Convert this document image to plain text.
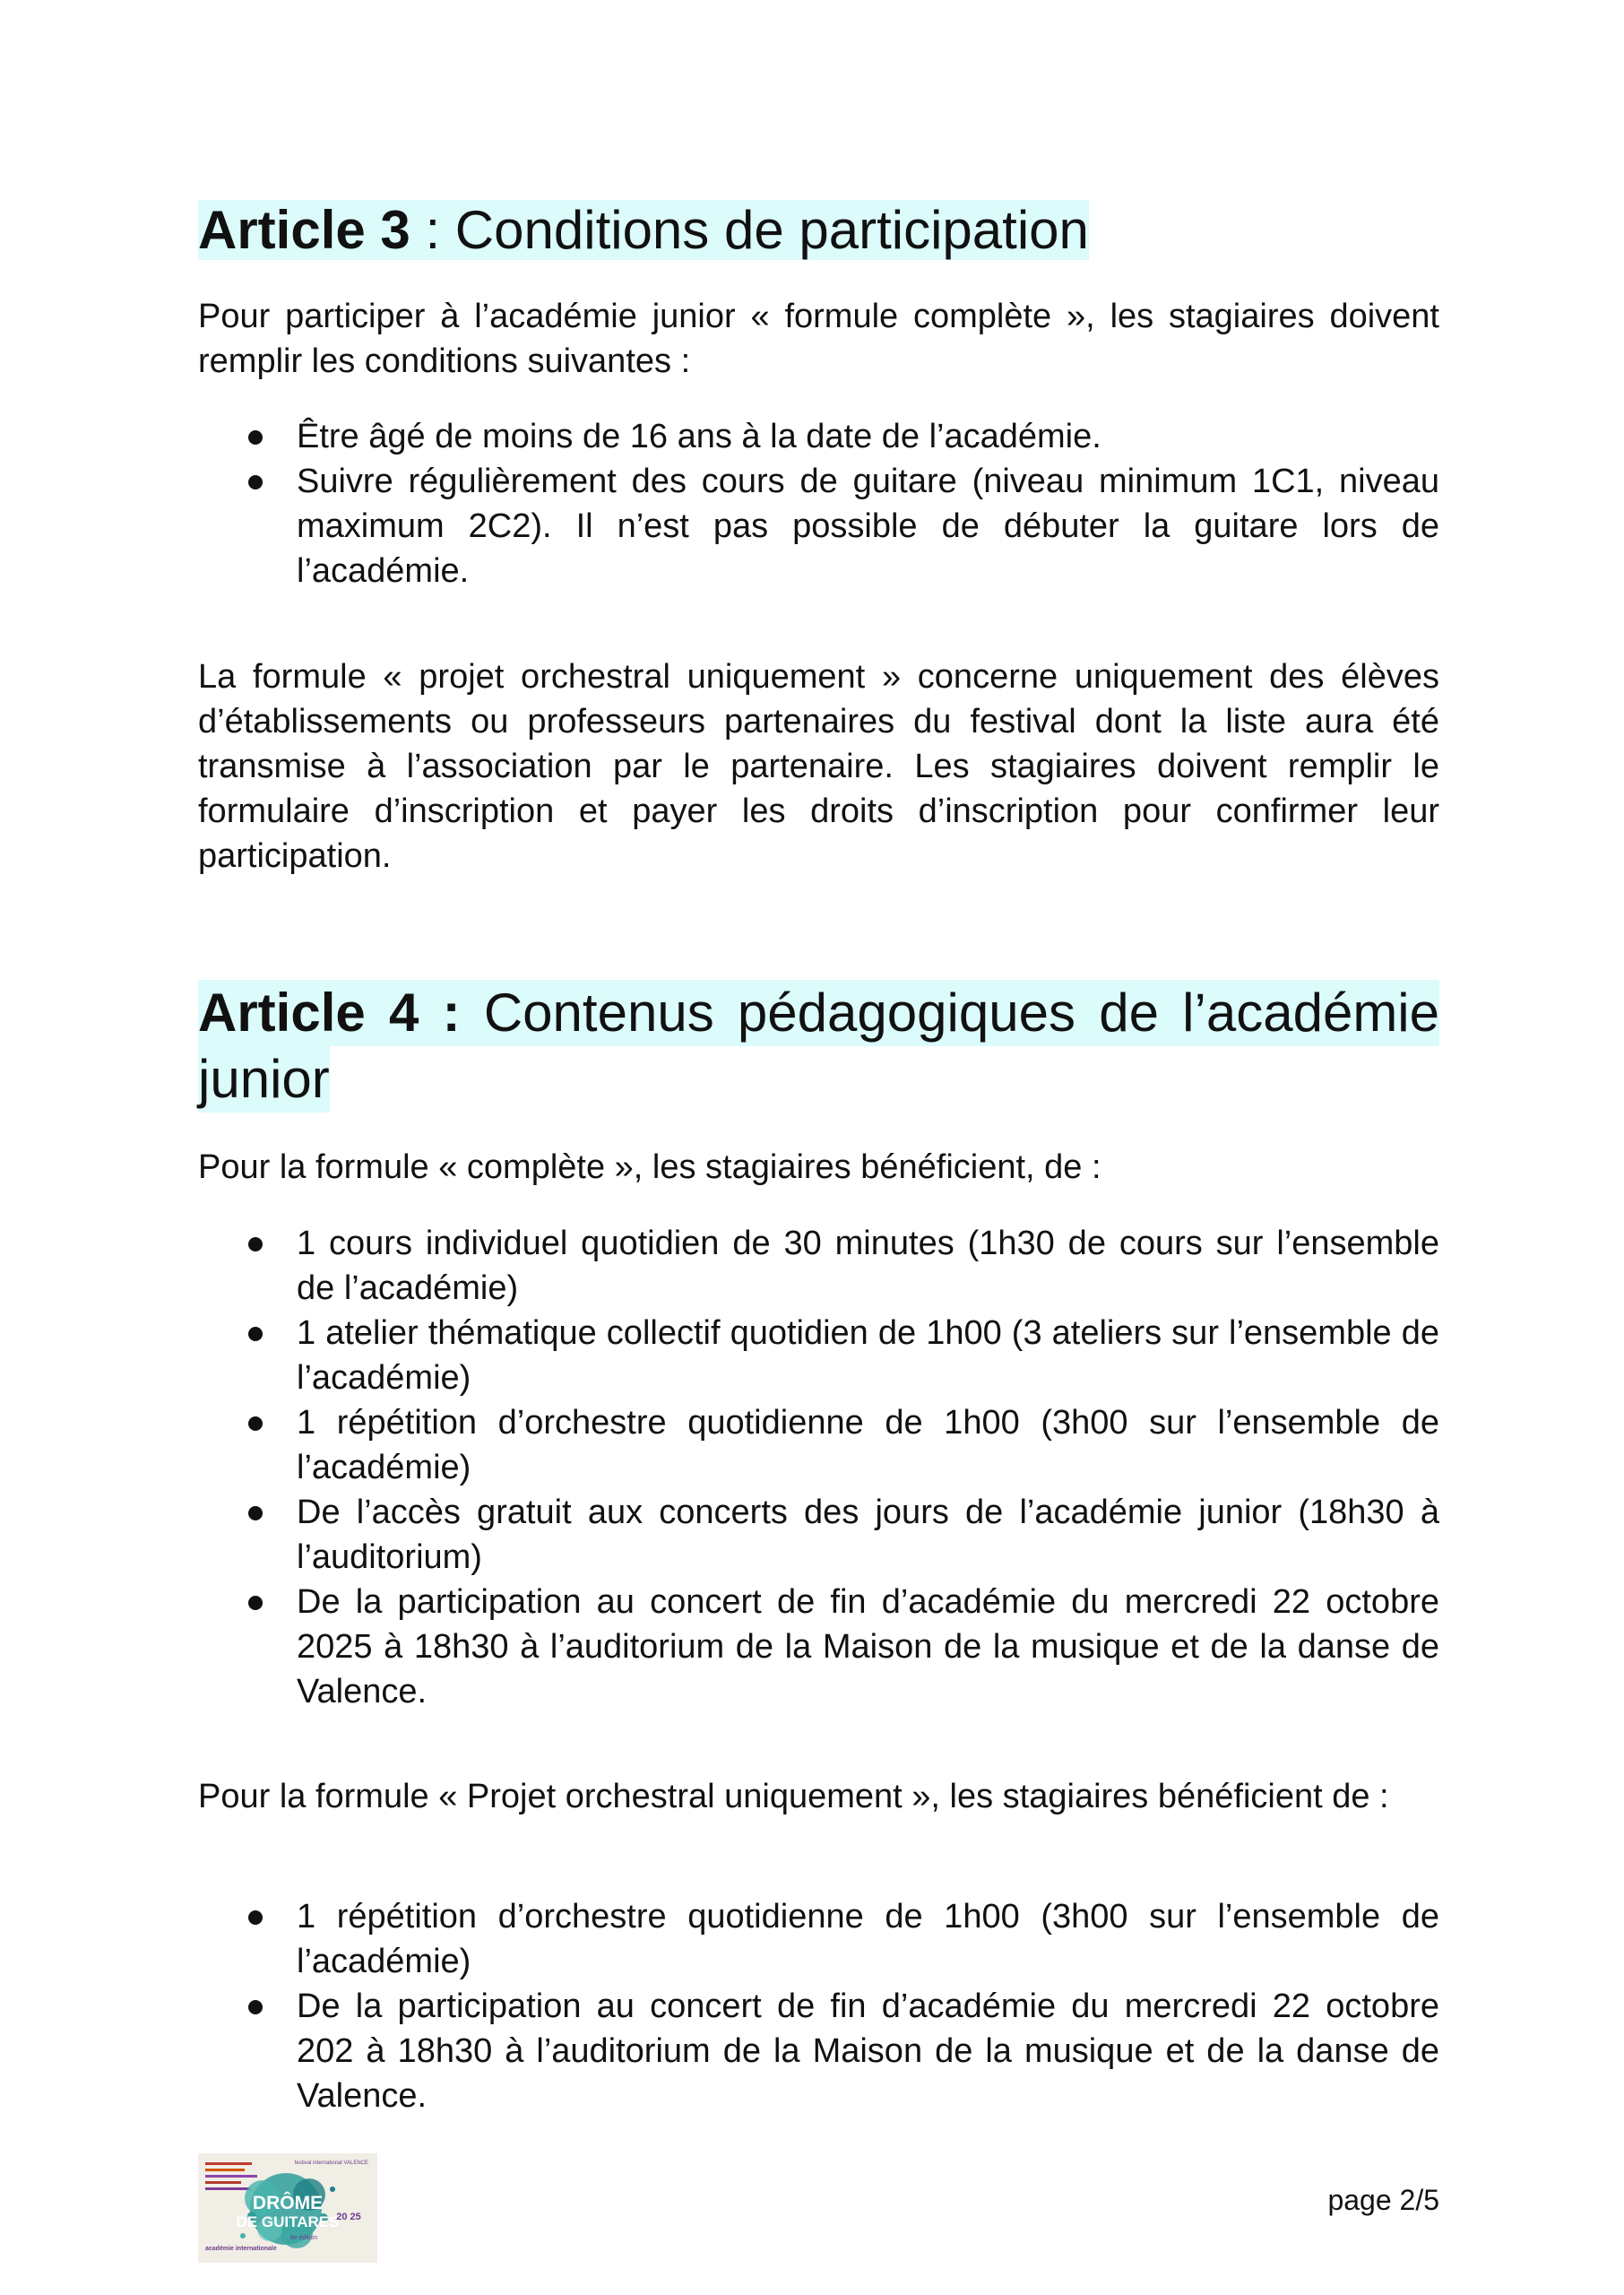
Article 3 : Conditions de participation

Pour participer à l’académie junior « formule complète », les stagiaires doivent remplir les conditions suivantes :

Être âgé de moins de 16 ans à la date de l’académie.
Suivre régulièrement des cours de guitare (niveau minimum 1C1, niveau maximum 2C2). Il n’est pas possible de débuter la guitare lors de l’académie.

La formule « projet orchestral uniquement » concerne uniquement des élèves d’établissements ou professeurs partenaires du festival dont la liste aura été transmise à l’association par le partenaire. Les stagiaires doivent remplir le formulaire d’inscription et payer les droits d’inscription pour confirmer leur participation.

Article 4 : Contenus pédagogiques de l’académie
junior

Pour la formule « complète », les stagiaires bénéficient, de :

1 cours individuel quotidien de 30 minutes (1h30 de cours sur l’ensemble de l’académie)
1 atelier thématique collectif quotidien de 1h00 (3 ateliers sur l’ensemble de l’académie)
1 répétition d’orchestre quotidienne de 1h00 (3h00 sur l’ensemble de l’académie)
De l’accès gratuit aux concerts des jours de l’académie junior (18h30 à l’auditorium)
De la participation au concert de fin d’académie du mercredi 22 octobre 2025 à 18h30 à l’auditorium de la Maison de la musique et de la danse de Valence.

Pour la formule « Projet orchestral uniquement », les stagiaires bénéficient de :

1 répétition d’orchestre quotidienne de 1h00 (3h00 sur l’ensemble de l’académie)
De la participation au concert de fin d’académie du mercredi 22 octobre 202 à 18h30 à l’auditorium de la Maison de la musique et de la danse de Valence.
festival international VALENCE
DRÔME
DE GUITARES
20 25
8e édition
académie internationale
page 2/5
